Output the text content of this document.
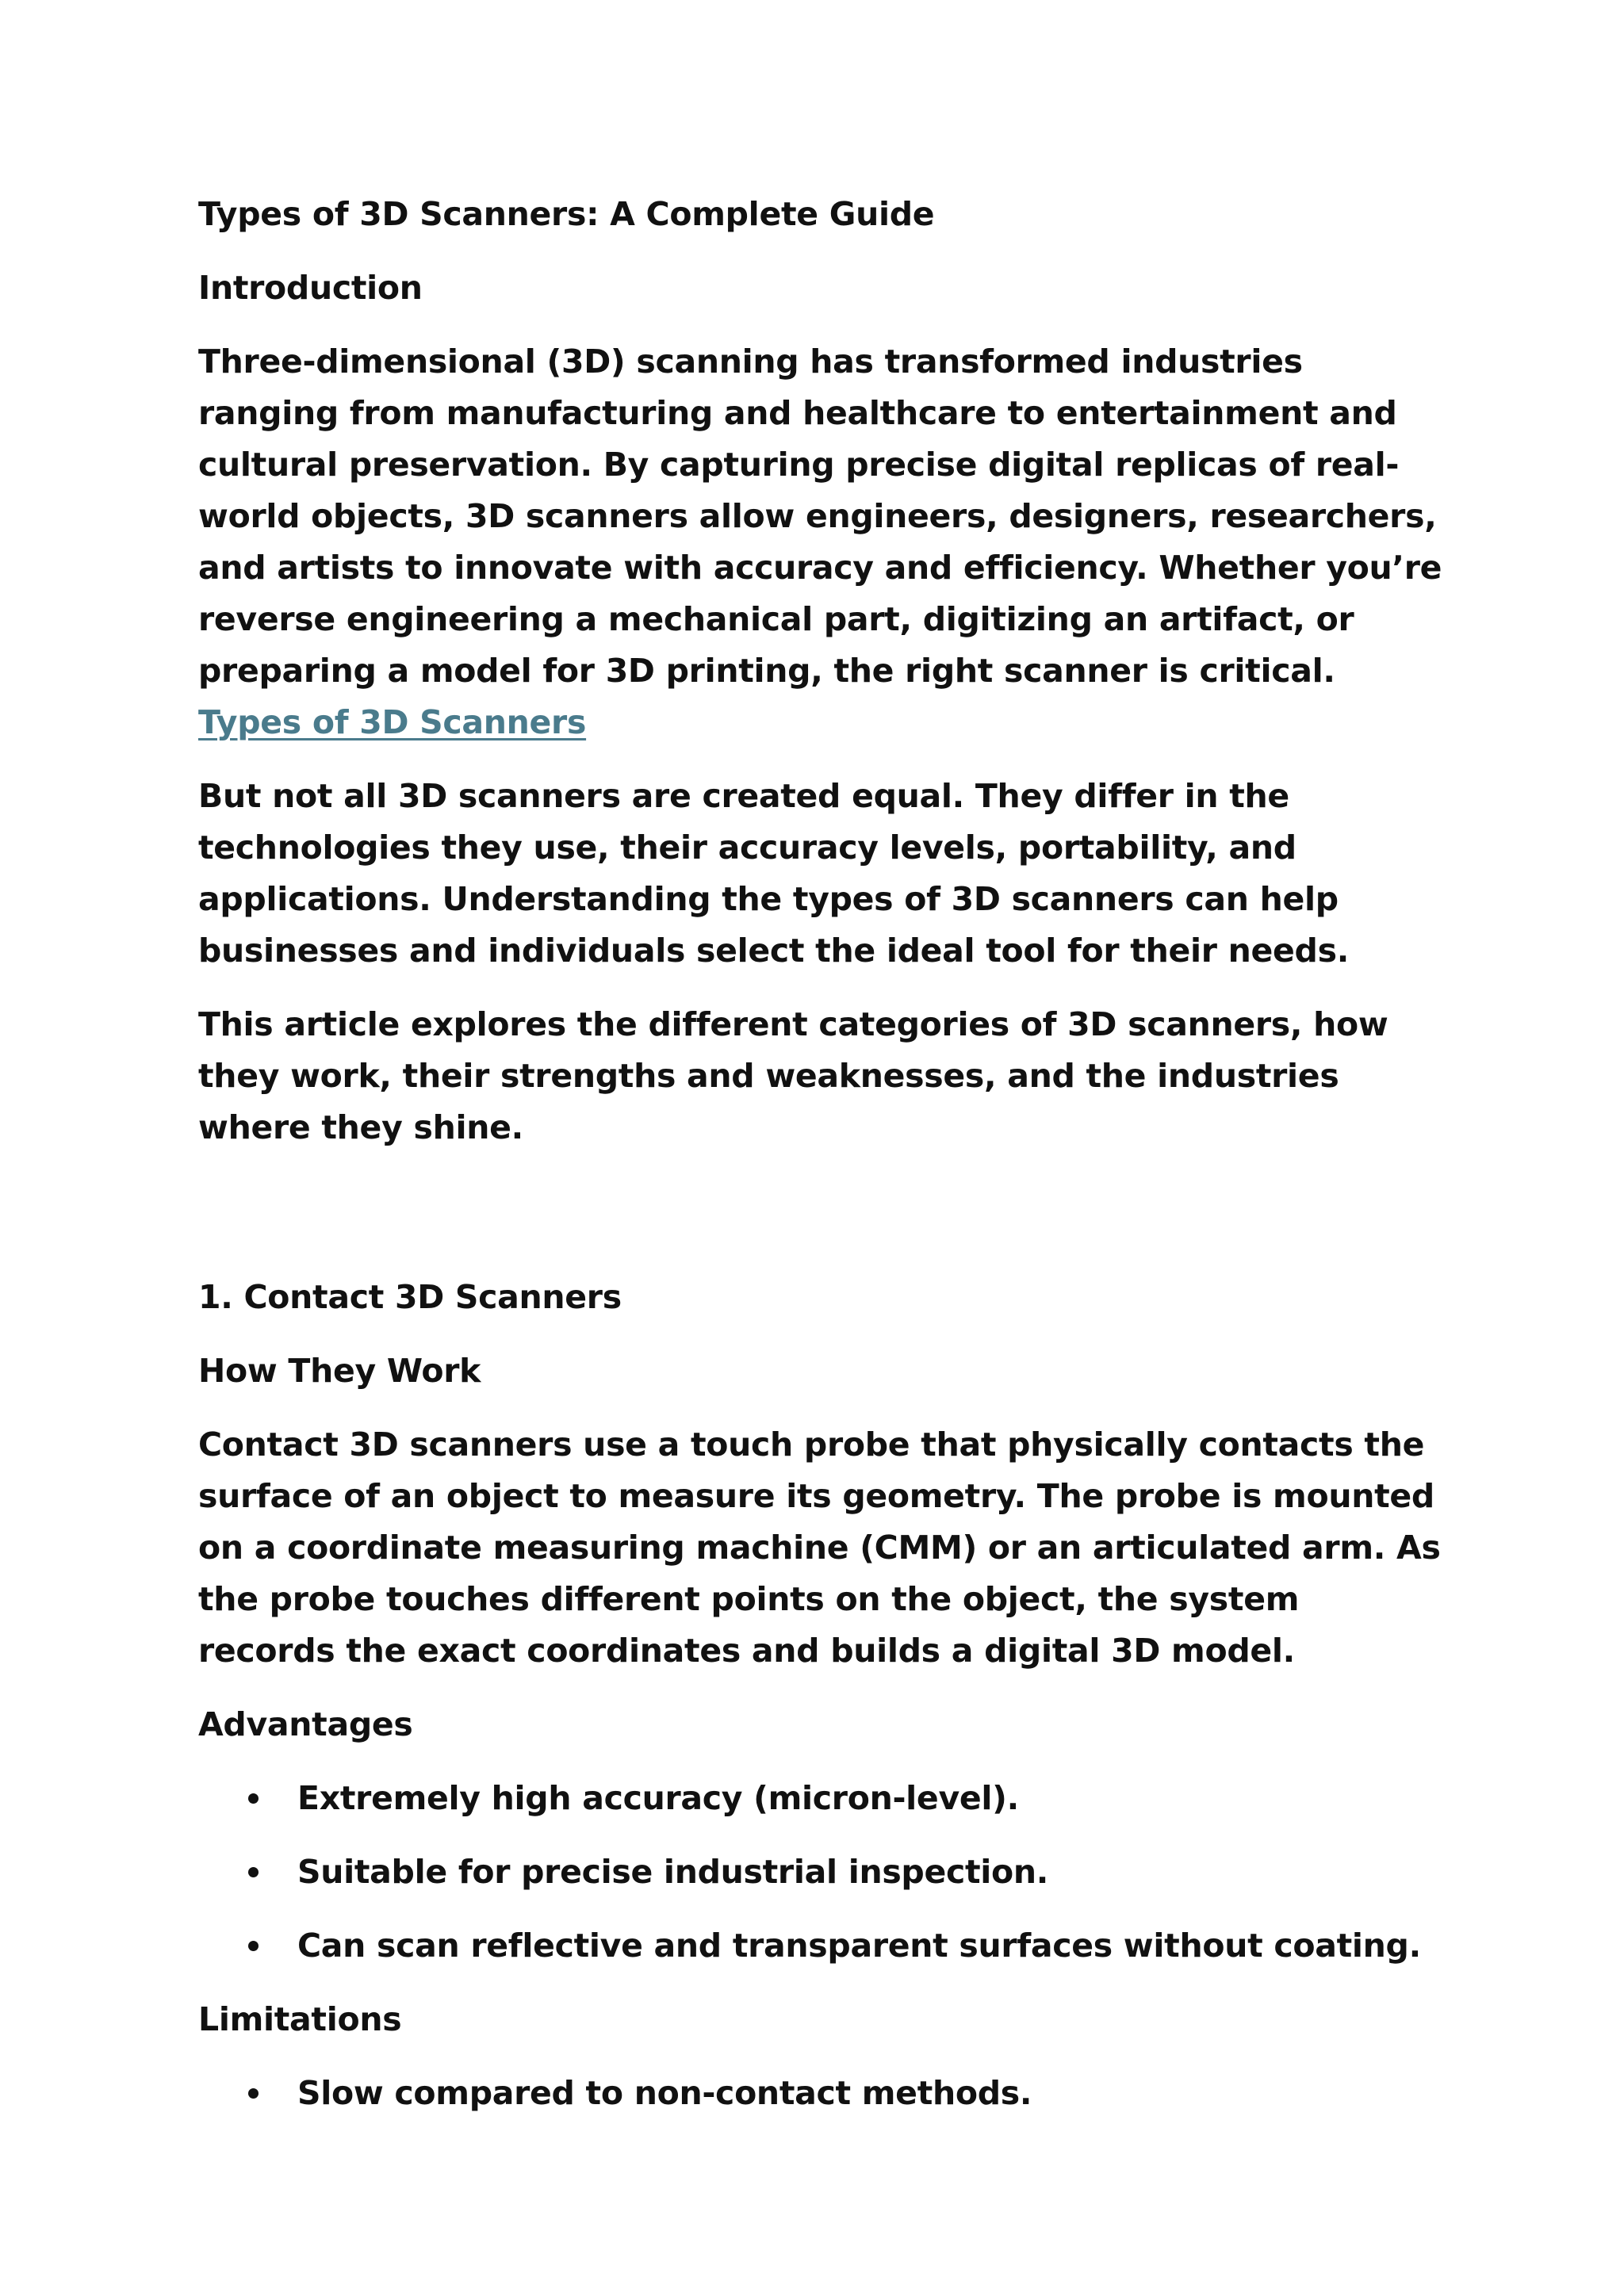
Types of 3D Scanners: A Complete Guide

Introduction

Three-dimensional (3D) scanning has transformed industries ranging from manufacturing and healthcare to entertainment and cultural preservation. By capturing precise digital replicas of real-world objects, 3D scanners allow engineers, designers, researchers, and artists to innovate with accuracy and efficiency. Whether you’re reverse engineering a mechanical part, digitizing an artifact, or preparing a model for 3D printing, the right scanner is critical. Types of 3D Scanners

But not all 3D scanners are created equal. They differ in the technologies they use, their accuracy levels, portability, and applications. Understanding the types of 3D scanners can help businesses and individuals select the ideal tool for their needs.

This article explores the different categories of 3D scanners, how they work, their strengths and weaknesses, and the industries where they shine.

1. Contact 3D Scanners

How They Work

Contact 3D scanners use a touch probe that physically contacts the surface of an object to measure its geometry. The probe is mounted on a coordinate measuring machine (CMM) or an articulated arm. As the probe touches different points on the object, the system records the exact coordinates and builds a digital 3D model.

Advantages

Extremely high accuracy (micron-level).
Suitable for precise industrial inspection.
Can scan reflective and transparent surfaces without coating.

Limitations

Slow compared to non-contact methods.
